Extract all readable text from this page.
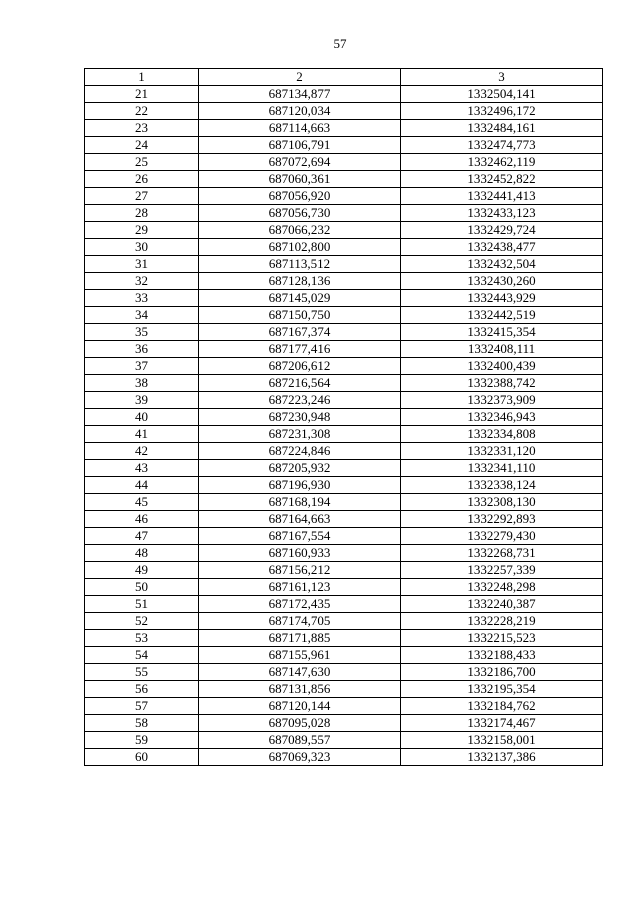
57
1	2	3
21	687134,877	1332504,141
22	687120,034	1332496,172
23	687114,663	1332484,161
24	687106,791	1332474,773
25	687072,694	1332462,119
26	687060,361	1332452,822
27	687056,920	1332441,413
28	687056,730	1332433,123
29	687066,232	1332429,724
30	687102,800	1332438,477
31	687113,512	1332432,504
32	687128,136	1332430,260
33	687145,029	1332443,929
34	687150,750	1332442,519
35	687167,374	1332415,354
36	687177,416	1332408,111
37	687206,612	1332400,439
38	687216,564	1332388,742
39	687223,246	1332373,909
40	687230,948	1332346,943
41	687231,308	1332334,808
42	687224,846	1332331,120
43	687205,932	1332341,110
44	687196,930	1332338,124
45	687168,194	1332308,130
46	687164,663	1332292,893
47	687167,554	1332279,430
48	687160,933	1332268,731
49	687156,212	1332257,339
50	687161,123	1332248,298
51	687172,435	1332240,387
52	687174,705	1332228,219
53	687171,885	1332215,523
54	687155,961	1332188,433
55	687147,630	1332186,700
56	687131,856	1332195,354
57	687120,144	1332184,762
58	687095,028	1332174,467
59	687089,557	1332158,001
60	687069,323	1332137,386
